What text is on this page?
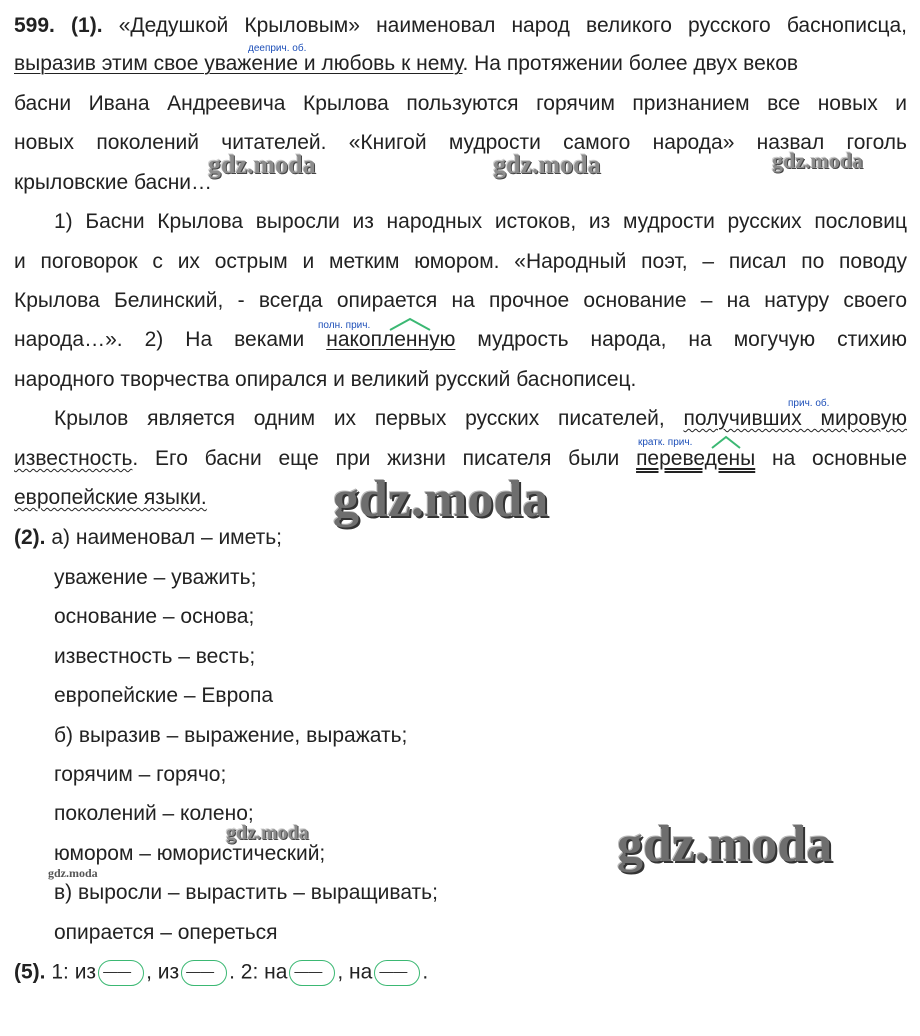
599. (1). «Дедушкой Крыловым» наименовал народ великого русского баснописца,
дееприч. об.
выразив этим свое уважение и любовь к нему. На протяжении более двух веков
басни Ивана Андреевича Крылова пользуются горячим признанием все новых и
новых поколений читателей. «Книгой мудрости самого народа» назвал гоголь
крыловские басни…
1) Басни Крылова выросли из народных истоков, из мудрости русских пословиц
и поговорок с их острым и метким юмором. «Народный поэт, – писал по поводу
Крылова Белинский, - всегда опирается на прочное основание – на натуру своего
полн. прич.
народа…». 2) На веками накопленную мудрость народа, на могучую стихию
народного творчества опирался и великий русский баснописец.
прич. об.
Крылов является одним их первых русских писателей, получивших мировую
кратк. прич.
известность. Его басни еще при жизни писателя были переведены на основные
европейские языки.
(2). а) наименовал – иметь;
уважение – уважить;
основание – основа;
известность – весть;
европейские – Европа
б) выразив – выражение, выражать;
горячим – горячо;
поколений – колено;
юмором – юмористический;
в) выросли – вырастить – выращивать;
опирается – опереться
(5). 1: из —— , из —— . 2: на —— , на —— .
gdz.moda	gdz.moda	gdz.moda
gdz.moda
gdz.moda	gdz.moda
gdz.moda
